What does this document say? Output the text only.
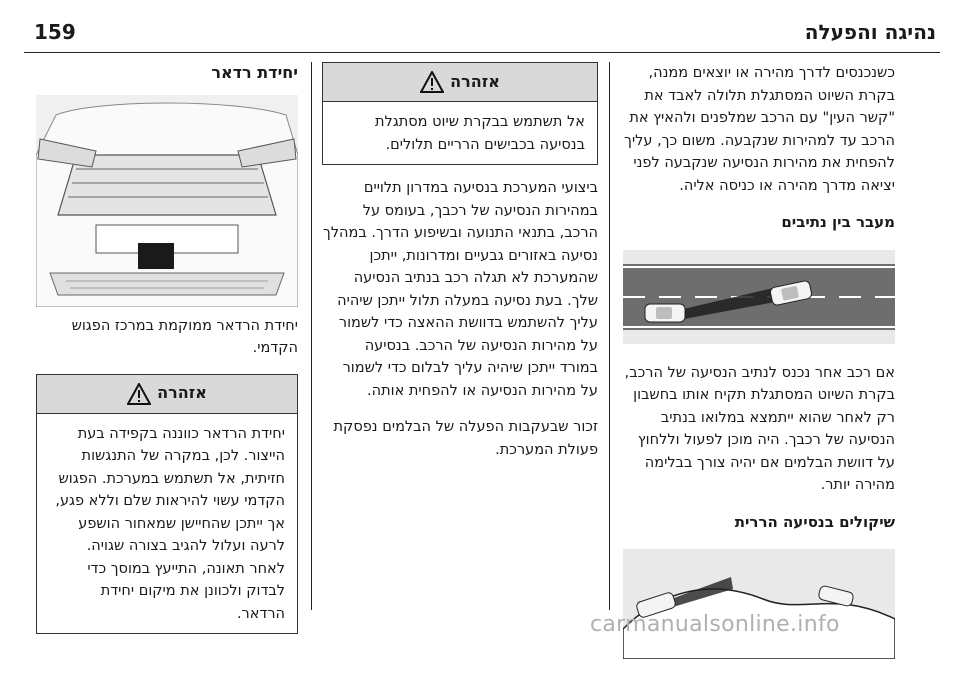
נהיגה והפעלה
159

כשנכנסים לדרך מהירה או יוצאים ממנה, בקרת השיוט המסתגלת תלולה לאבד את "קשר העין" עם הרכב שמלפנים ולהאיץ את הרכב עד למהירות שנקבעה. משום כך, עליך להפחית את מהירות הנסיעה שנקבעה לפני יציאה מדרך מהירה או כניסה אליה.

מעבר בין נתיבים

אם רכב אחר נכנס לנתיב הנסיעה של הרכב, בקרת השיוט המסתגלת תקיח אותו בחשבון רק לאחר שהוא ייתמצא במלואו בנתיב הנסיעה של רכבך. היה מוכן לפעול וללחוץ על דוושת הבלמים אם יהיה צורך בבלימה מהירה יותר.

שיקולים בנסיעה הררית

אזהרה
אל תשתמש בבקרת שיוט מסתגלת בנסיעה בכבישים הרריים תלולים.

ביצועי המערכת בנסיעה במדרון תלויים במהירות הנסיעה של רכבך, בעומס על הרכב, בתנאי התנועה ובשיפוע הדרך. במהלך נסיעה באזורים גבעיים ומדרונות, ייתכן שהמערכת לא תגלה רכב בנתיב הנסיעה שלך. בעת נסיעה במעלה תלול ייתכן שיהיה עליך להשתמש בדוושת ההאצה כדי לשמור על מהירות הנסיעה של הרכב. בנסיעה במורד ייתכן שיהיה עליך לבלום כדי לשמור על מהירות הנסיעה או להפחית אותה.

זכור שבעקבות הפעלה של הבלמים נפסקת פעולת המערכת.

יחידת רדאר

יחידת הרדאר ממוקמת במרכז הפגוש הקדמי.

אזהרה
יחידת הרדאר כווננה בקפידה בעת הייצור. לכן, במקרה של התנגשות חזיתית, אל תשתמש במערכת. הפגוש הקדמי עשוי להיראות שלם וללא פגע, אך ייתכן שהחיישן שמאחור הושפע לרעה ועלול להגיב בצורה שגויה. לאחר תאונה, התייעץ במוסך כדי לבדוק ולכוונן את מיקום יחידת הרדאר.	carmanualsonline.info
